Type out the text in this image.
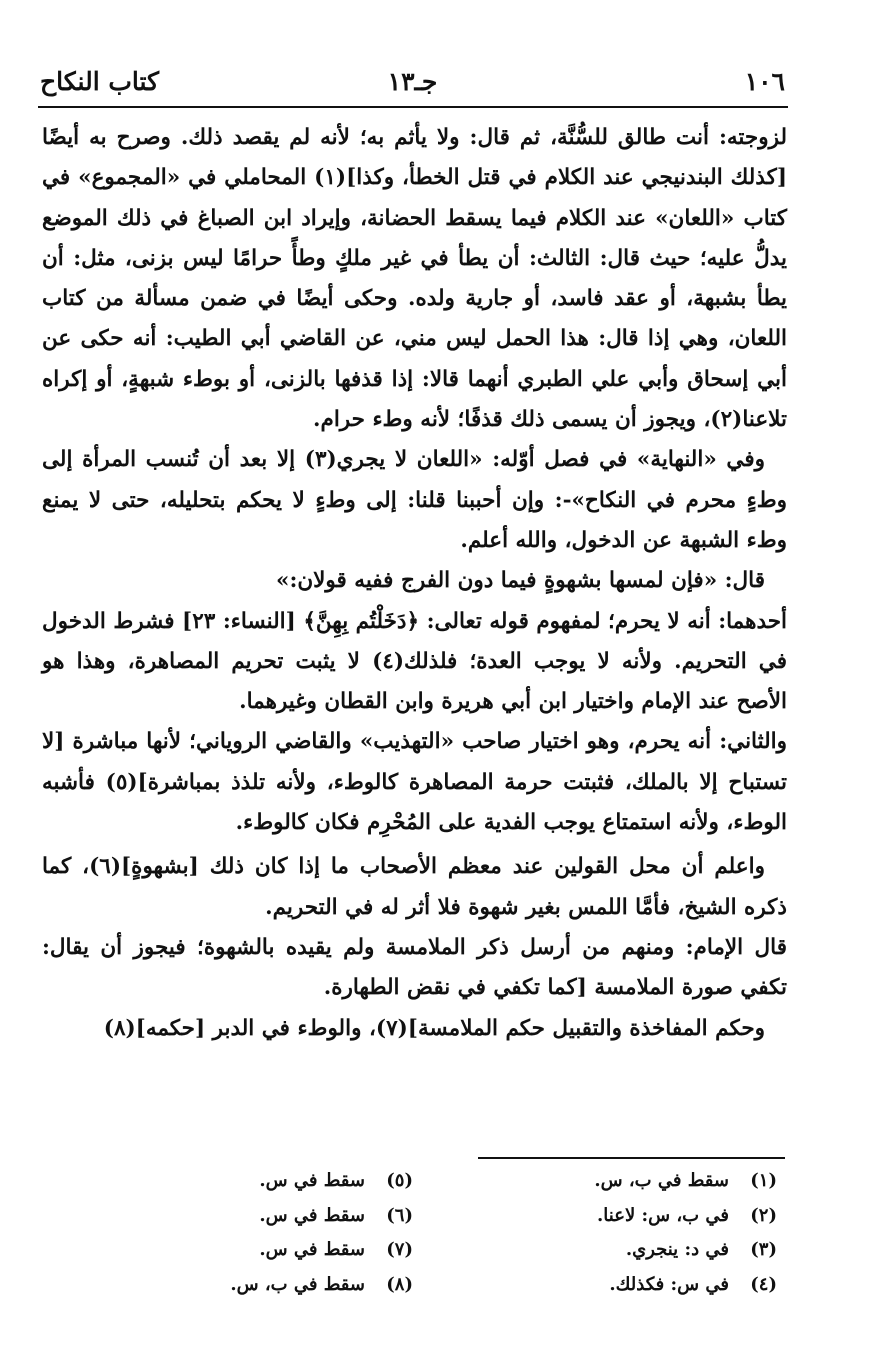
١٠٦
جـ١٣
كتاب النكاح

لزوجته: أنت طالق للسُّنَّة، ثم قال: ولا يأثم به؛ لأنه لم يقصد ذلك. وصرح به أيضًا [كذلك البندنيجي عند الكلام في قتل الخطأ، وكذا](١) المحاملي في «المجموع» في كتاب «اللعان» عند الكلام فيما يسقط الحضانة، وإيراد ابن الصباغ في ذلك الموضع يدلُّ عليه؛ حيث قال: الثالث: أن يطأ في غير ملكٍ وطأً حرامًا ليس بزنى، مثل: أن يطأ بشبهة، أو عقد فاسد، أو جارية ولده. وحكى أيضًا في ضمن مسألة من كتاب اللعان، وهي إذا قال: هذا الحمل ليس مني، عن القاضي أبي الطيب: أنه حكى عن أبي إسحاق وأبي علي الطبري أنهما قالا: إذا قذفها بالزنى، أو بوطء شبهةٍ، أو إكراه تلاعنا(٢)، ويجوز أن يسمى ذلك قذفًا؛ لأنه وطء حرام.

وفي «النهاية» في فصل أوّله: «اللعان لا يجري(٣) إلا بعد أن تُنسب المرأة إلى وطءٍ محرم في النكاح»-: وإن أحببنا قلنا: إلى وطءٍ لا يحكم بتحليله، حتى لا يمنع وطء الشبهة عن الدخول، والله أعلم.

قال: «فإن لمسها بشهوةٍ فيما دون الفرج ففيه قولان:»

أحدهما: أنه لا يحرم؛ لمفهوم قوله تعالى: ﴿دَخَلْتُم بِهِنَّ﴾ [النساء: ٢٣] فشرط الدخول في التحريم. ولأنه لا يوجب العدة؛ فلذلك(٤) لا يثبت تحريم المصاهرة، وهذا هو الأصح عند الإمام واختيار ابن أبي هريرة وابن القطان وغيرهما.

والثاني: أنه يحرم، وهو اختيار صاحب «التهذيب» والقاضي الروياني؛ لأنها مباشرة [لا تستباح إلا بالملك، فثبتت حرمة المصاهرة كالوطء، ولأنه تلذذ بمباشرة](٥) فأشبه الوطء، ولأنه استمتاع يوجب الفدية على المُحْرِم فكان كالوطء.

واعلم أن محل القولين عند معظم الأصحاب ما إذا كان ذلك [بشهوةٍ](٦)، كما ذكره الشيخ، فأمَّا اللمس بغير شهوة فلا أثر له في التحريم.

قال الإمام: ومنهم من أرسل ذكر الملامسة ولم يقيده بالشهوة؛ فيجوز أن يقال: تكفي صورة الملامسة [كما تكفي في نقض الطهارة.

وحكم المفاخذة والتقبيل حكم الملامسة](٧)، والوطء في الدبر [حكمه](٨)

(١)سقط في ب، س.
(٢)في ب، س: لاعنا.
(٣)في د: ينجري.
(٤)في س: فكذلك.
(٥)سقط في س.
(٦)سقط في س.
(٧)سقط في س.
(٨)سقط في ب، س.
